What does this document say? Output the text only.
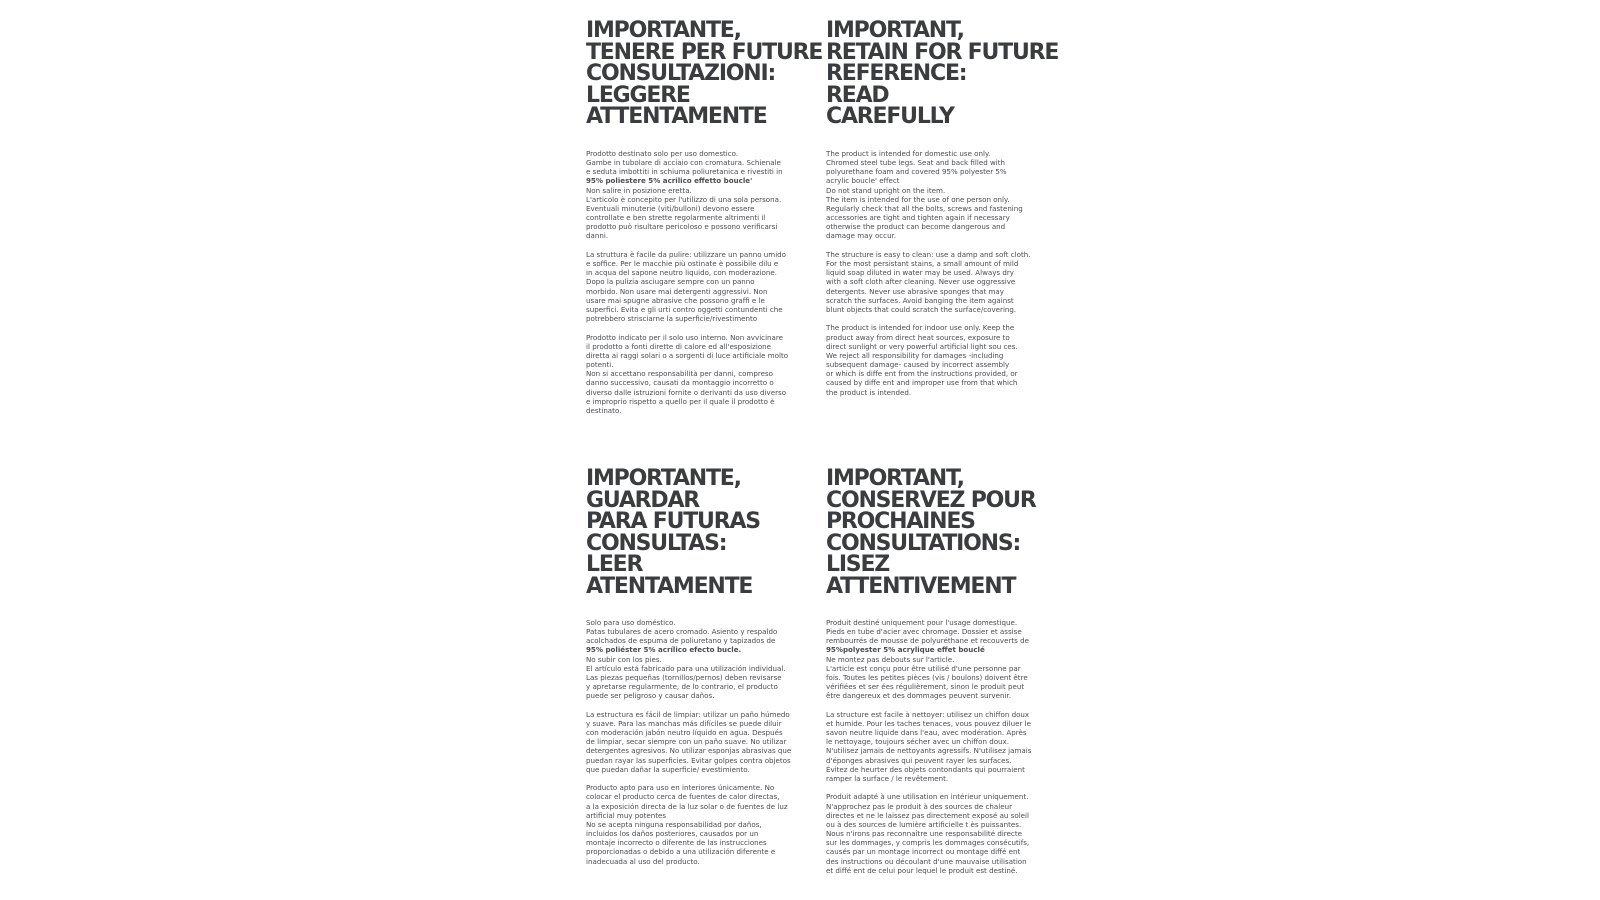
IMPORTANTE,
TENERE PER FUTURE
CONSULTAZIONI:
LEGGERE
ATTENTAMENTE

Prodotto destinato solo per uso domestico.
Gambe in tubolare di acciaio con cromatura. Schienale
e seduta imbottiti in schiuma poliuretanica e rivestiti in
95% poliestere 5% acrilico effetto boucle'
Non salire in posizione eretta.
L'articolo è concepito per l'utilizzo di una sola persona.
Eventuali minuterie (viti/bulloni) devono essere
controllate e ben strette regolarmente altrimenti il
prodotto può risultare pericoloso e possono verificarsi
danni.

La struttura è facile da pulire: utilizzare un panno umido
e soffice. Per le macchie più ostinate è possibile dilu e
in acqua del sapone neutro liquido, con moderazione.
Dopo la pulizia asciugare sempre con un panno
morbido. Non usare mai detergenti aggressivi. Non
usare mai spugne abrasive che possono graffi e le
superfici. Evita e gli urti contro oggetti contundenti che
potrebbero strisciarne la superficie/rivestimento

Prodotto indicato per il solo uso interno. Non avvicinare
il prodotto a fonti dirette di calore ed all'esposizione
diretta ai raggi solari o a sorgenti di luce artificiale molto
potenti.
Non si accettano responsabilità per danni, compreso
danno successivo, causati da montaggio incorretto o
diverso dalle istruzioni fornite o derivanti da uso diverso
e improprio rispetto a quello per il quale il prodotto è
destinato.

IMPORTANT,
RETAIN FOR FUTURE
REFERENCE:
READ
CAREFULLY

The product is intended for domestic use only.
Chromed steel tube legs. Seat and back filled with
polyurethane foam and covered 95% polyester 5%
acrylic boucle' effect
Do not stand upright on the item.
The item is intended for the use of one person only.
Regularly check that all the bolts, screws and fastening
accessories are tight and tighten again if necessary
otherwise the product can become dangerous and
damage may occur.

The structure is easy to clean: use a damp and soft cloth.
For the most persistant stains, a small amount of mild
liquid soap diluted in water may be used. Always dry
with a soft cloth after cleaning. Never use oggressive
detergents. Never use abrasive sponges that may
scratch the surfaces. Avoid banging the item against
blunt objects that could scratch the surface/covering.

The product is intended for indoor use only. Keep the
product away from direct heat sources, exposure to
direct sunlight or very powerful artificial light sou ces.
We reject all responsibility for damages -including
subsequent damage- caused by incorrect assembly
or which is diffe ent from the instructions provided, or
caused by diffe ent and improper use from that which
the product is intended.

IMPORTANTE,
GUARDAR
PARA FUTURAS
CONSULTAS:
LEER
ATENTAMENTE

Solo para uso doméstico.
Patas tubulares de acero cromado. Asiento y respaldo
acolchados de espuma de poliuretano y tapizados de
95% poliéster 5% acrílico efecto bucle.
No subir con los pies.
El artículo está fabricado para una utilización individual.
Las piezas pequeñas (tornillos/pernos) deben revisarse
y apretarse regularmente, de lo contrario, el producto
puede ser peligroso y causar daños.

La estructura es fácil de limpiar: utilizar un paño húmedo
y suave. Para las manchas más difíciles se puede diluir
con moderación jabón neutro líquido en agua. Después
de limpiar, secar siempre con un paño suave. No utilizar
detergentes agresivos. No utilizar esponjas abrasivas que
puedan rayar las superficies. Evitar golpes contra objetos
que puedan dañar la superficie/ evestimiento.

Producto apto para uso en interiores únicamente. No
colocar el producto cerca de fuentes de calor directas,
a la exposición directa de la luz solar o de fuentes de luz
artificial muy potentes
No se acepta ninguna responsabilidad por daños,
incluidos los daños posteriores, causados por un
montaje incorrecto o diferente de las instrucciones
proporcionadas o debido a una utilización diferente e
inadecuada al uso del producto.

IMPORTANT,
CONSERVEZ POUR
PROCHAINES
CONSULTATIONS:
LISEZ
ATTENTIVEMENT

Produit destiné uniquement pour l'usage domestique.
Pieds en tube d'acier avec chromage. Dossier et assise
rembourrés de mousse de polyuréthane et recouverts de
95%polyester 5% acrylique effet bouclé
Ne montez pas debouts sur l'article.
L'article est conçu pour être utilisé d'une personne par
fois. Toutes les petites pièces (vis / boulons) doivent être
vérifiées et ser ées régulièrement, sinon le produit peut
être dangereux et des dommages peuvent survenir.

La structure est facile à nettoyer: utilisez un chiffon doux
et humide. Pour les taches tenaces, vous pouvez diluer le
savon neutre liquide dans l'eau, avec modération. Après
le nettoyage, toujours sécher avec un chiffon doux.
N'utilisez jamais de nettoyants agressifs. N'utilisez jamais
d'éponges abrasives qui peuvent rayer les surfaces.
Évitez de heurter des objets contondants qui pourraient
ramper la surface / le revêtement.

Produit adapté à une utilisation en intérieur uniquement.
N'approchez pas le produit à des sources de chaleur
directes et ne le laissez pas directement exposé au soleil
ou à des sources de lumière artificielle t ès puissantes.
Nous n'irons pas reconnaître une responsabilité directe
sur les dommages, y compris les dommages consécutifs,
causés par un montage incorrect ou montage diffé ent
des instructions ou découlant d'une mauvaise utilisation
et diffé ent de celui pour lequel le produit est destiné.
